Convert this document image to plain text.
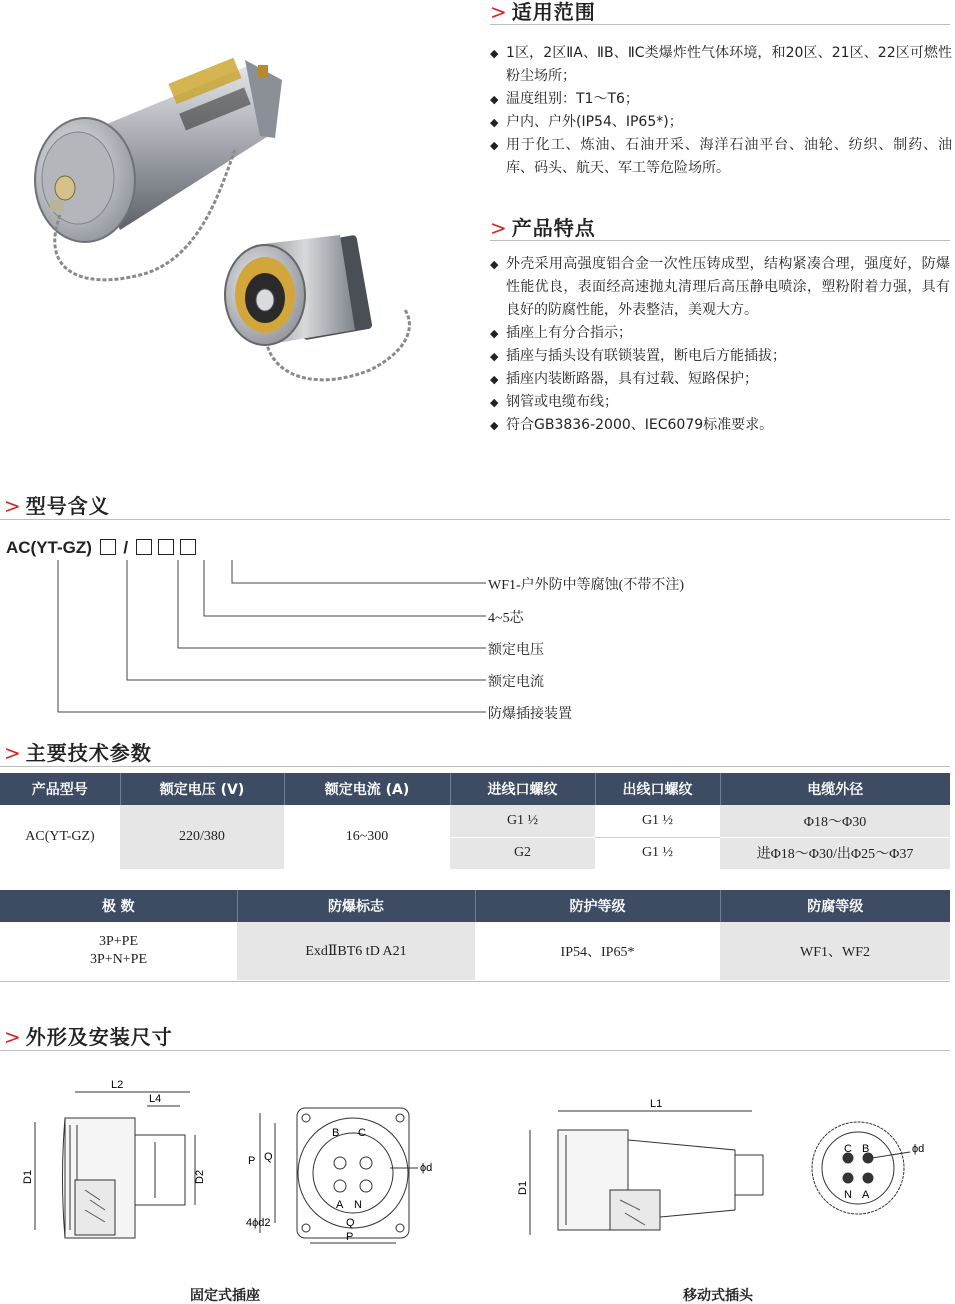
> 适用范围
◆ 1区，2区ⅡA、ⅡB、ⅡC类爆炸性气体环境，和20区、21区、22区可燃性粉尘场所；
◆ 温度组别：T1～T6；
◆ 户内、户外(IP54、IP65*)；
◆ 用于化工、炼油、石油开采、海洋石油平台、油轮、纺织、制药、油库、码头、航天、军工等危险场所。
> 产品特点
◆ 外壳采用高强度铝合金一次性压铸成型，结构紧凑合理，强度好，防爆性能优良，表面经高速抛丸清理后高压静电喷涂，塑粉附着力强，具有良好的防腐性能，外表整洁，美观大方。
◆ 插座上有分合指示；
◆ 插座与插头设有联锁装置，断电后方能插拔；
◆ 插座内装断路器，具有过载、短路保护；
◆ 钢管或电缆布线；
◆ 符合GB3836-2000、IEC6079标准要求。
> 型号含义
AC(YT-GZ) /
WF1-户外防中等腐蚀(不带不注)
4~5芯
额定电压
额定电流
防爆插接装置
> 主要技术参数
产品型号	额定电压 (V)	额定电流 (A)	进线口螺纹	出线口螺纹	电缆外径
AC(YT-GZ)	220/380	16~300	G1 ½	G1 ½	Φ18～Φ30
			G2	G1 ½	进Φ18～Φ30/出Φ25～Φ37
极 数	防爆标志	防护等级	防腐等级

3P+PE
3P+N+PE	ExdⅡBT6 tD A21	IP54、IP65*	WF1、WF2
> 外形及安装尺寸
L2
L4
D1	D2
P Q
B C
A N
ϕd
4ϕd2	Q
P
L1
D1
C B
N A
ϕd
固定式插座	移动式插头
